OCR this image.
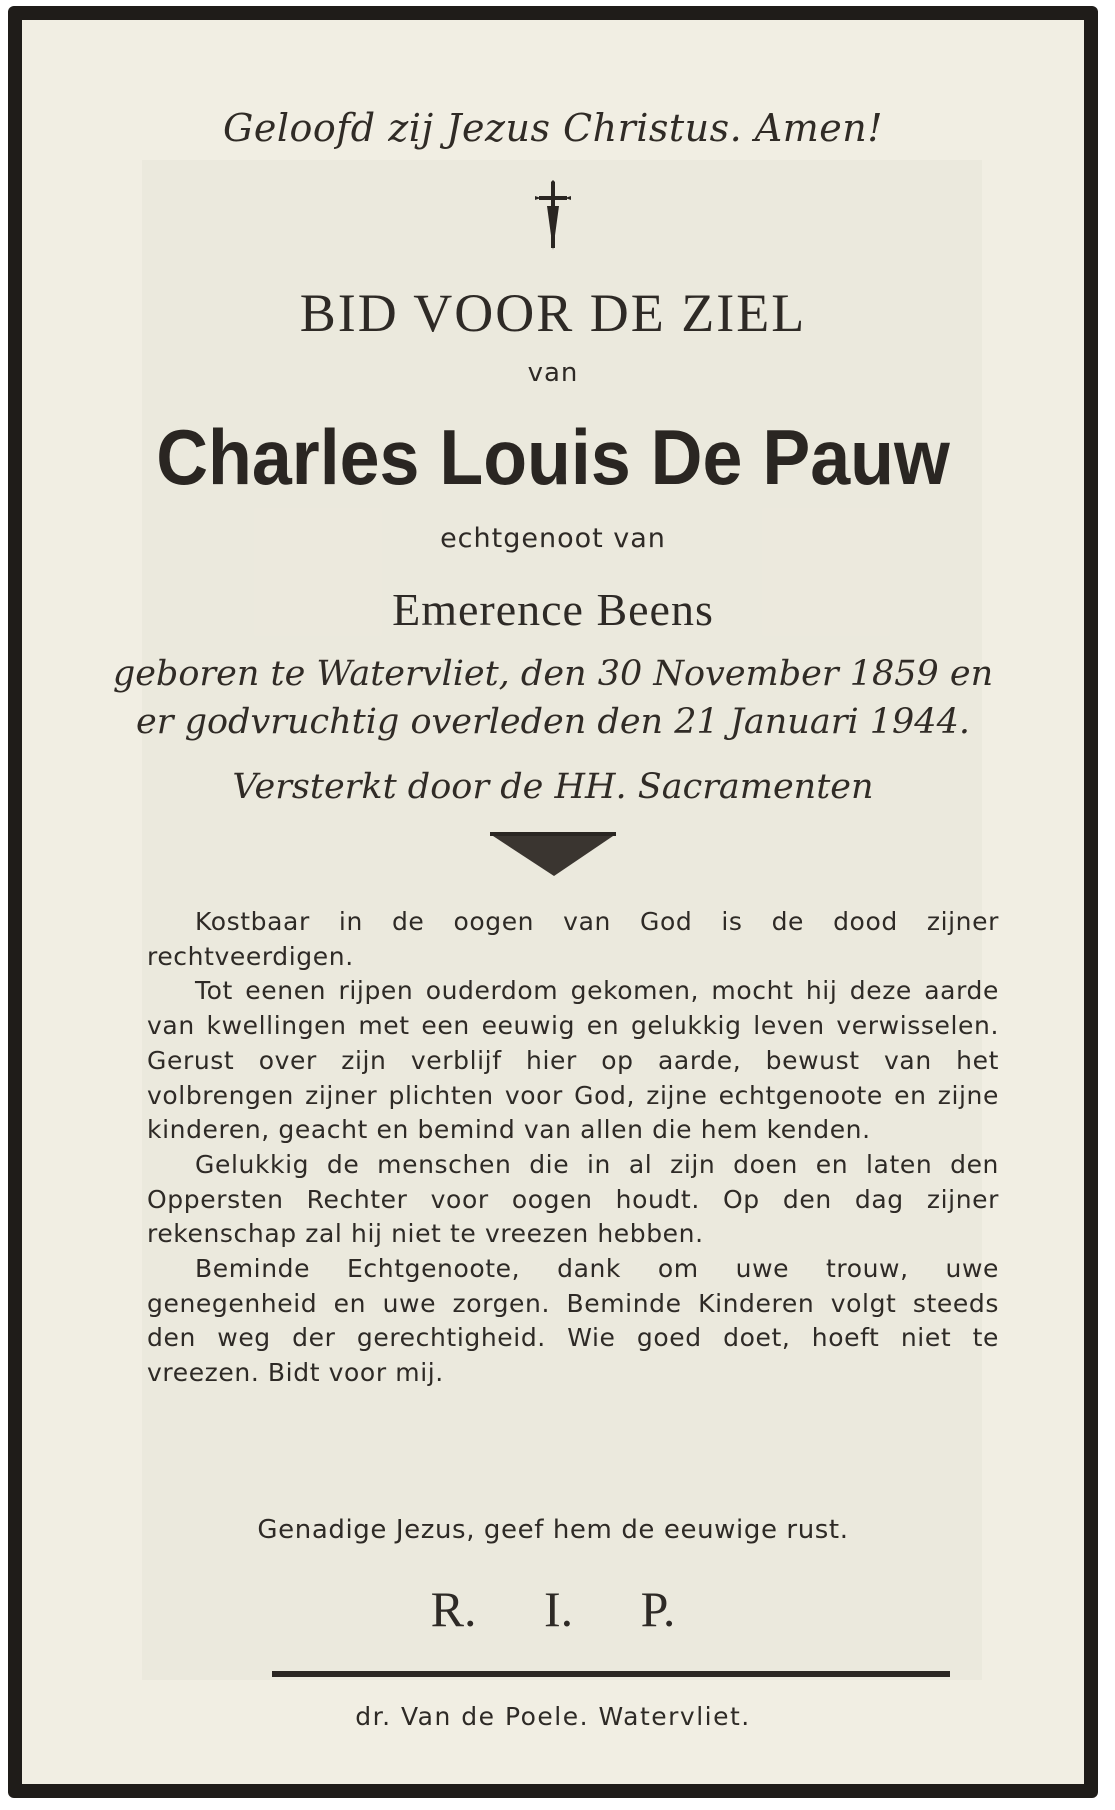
Geloofd zij Jezus Christus. Amen!
BID VOOR DE ZIEL
van
Charles Louis De Pauw
echtgenoot van
Emerence Beens
geboren te Watervliet, den 30 November 1859 en
er godvruchtig overleden den 21 Januari 1944.
Versterkt door de HH. Sacramenten

Kostbaar in de oogen van God is de dood zijner rechtveerdigen.

Tot eenen rijpen ouderdom gekomen, mocht hij deze aarde van kwellingen met een eeuwig en gelukkig leven verwisselen. Gerust over zijn verblijf hier op aarde, bewust van het volbrengen zijner plichten voor God, zijne echtgenoote en zijne kinderen, geacht en bemind van allen die hem kenden.

Gelukkig de menschen die in al zijn doen en laten den Oppersten Rechter voor oogen houdt. Op den dag zijner rekenschap zal hij niet te vreezen hebben.

Beminde Echtgenoote, dank om uwe trouw, uwe genegenheid en uwe zorgen. Beminde Kinderen volgt steeds den weg der gerechtigheid. Wie goed doet, hoeft niet te vreezen. Bidt voor mij.

Genadige Jezus, geef hem de eeuwige rust.
R. I. P.
dr. Van de Poele. Watervliet.
